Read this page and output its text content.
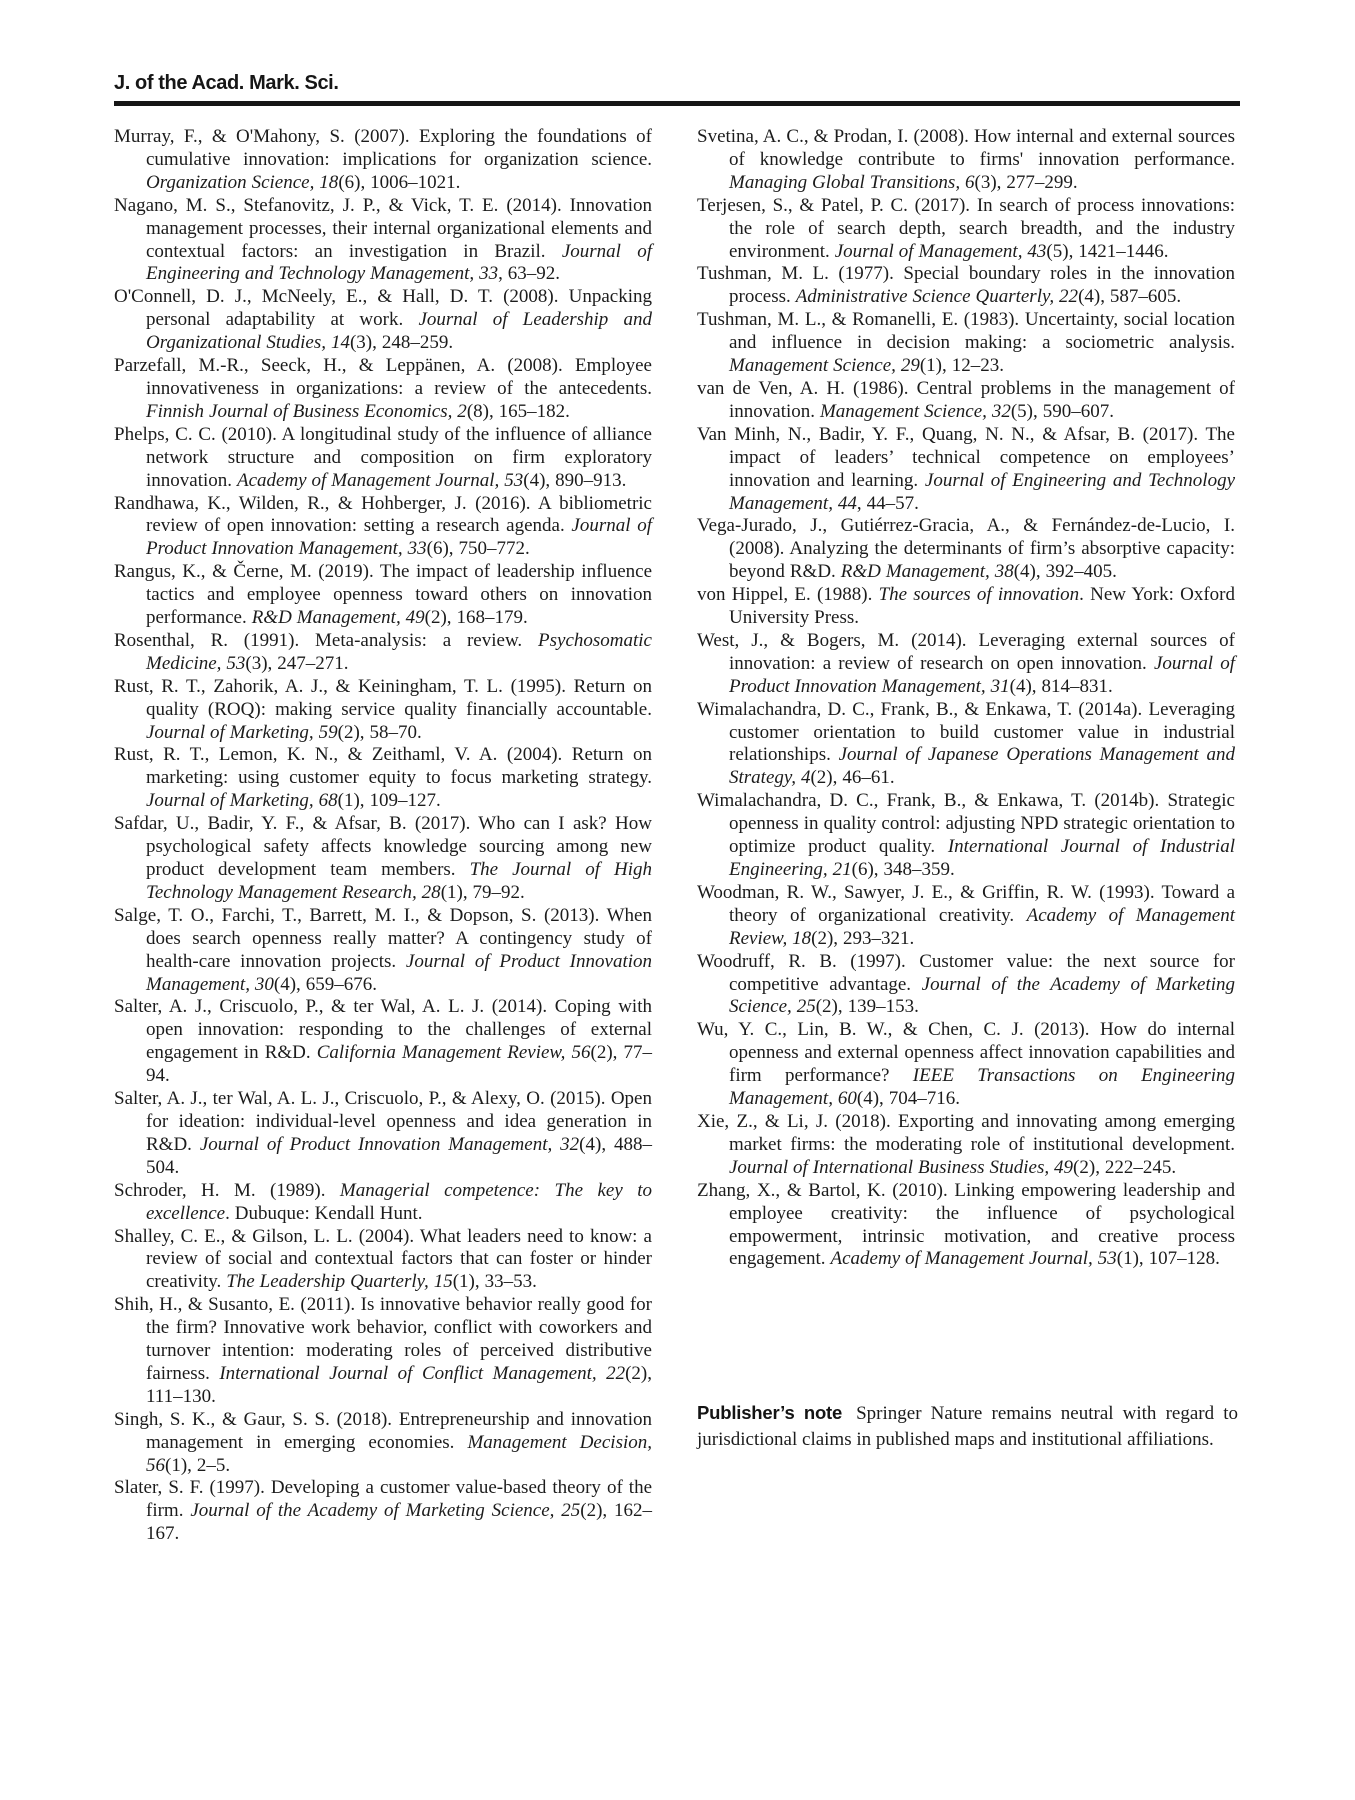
J. of the Acad. Mark. Sci.

Murray, F., & O'Mahony, S. (2007). Exploring the foundations of cumulative innovation: implications for organization science. Organization Science, 18(6), 1006–1021.

Nagano, M. S., Stefanovitz, J. P., & Vick, T. E. (2014). Innovation management processes, their internal organizational elements and contextual factors: an investigation in Brazil. Journal of Engineering and Technology Management, 33, 63–92.

O'Connell, D. J., McNeely, E., & Hall, D. T. (2008). Unpacking personal adaptability at work. Journal of Leadership and Organizational Studies, 14(3), 248–259.

Parzefall, M.-R., Seeck, H., & Leppänen, A. (2008). Employee innovativeness in organizations: a review of the antecedents. Finnish Journal of Business Economics, 2(8), 165–182.

Phelps, C. C. (2010). A longitudinal study of the influence of alliance network structure and composition on firm exploratory innovation. Academy of Management Journal, 53(4), 890–913.

Randhawa, K., Wilden, R., & Hohberger, J. (2016). A bibliometric review of open innovation: setting a research agenda. Journal of Product Innovation Management, 33(6), 750–772.

Rangus, K., & Černe, M. (2019). The impact of leadership influence tactics and employee openness toward others on innovation performance. R&D Management, 49(2), 168–179.

Rosenthal, R. (1991). Meta-analysis: a review. Psychosomatic Medicine, 53(3), 247–271.

Rust, R. T., Zahorik, A. J., & Keiningham, T. L. (1995). Return on quality (ROQ): making service quality financially accountable. Journal of Marketing, 59(2), 58–70.

Rust, R. T., Lemon, K. N., & Zeithaml, V. A. (2004). Return on marketing: using customer equity to focus marketing strategy. Journal of Marketing, 68(1), 109–127.

Safdar, U., Badir, Y. F., & Afsar, B. (2017). Who can I ask? How psychological safety affects knowledge sourcing among new product development team members. The Journal of High Technology Management Research, 28(1), 79–92.

Salge, T. O., Farchi, T., Barrett, M. I., & Dopson, S. (2013). When does search openness really matter? A contingency study of health-care innovation projects. Journal of Product Innovation Management, 30(4), 659–676.

Salter, A. J., Criscuolo, P., & ter Wal, A. L. J. (2014). Coping with open innovation: responding to the challenges of external engagement in R&D. California Management Review, 56(2), 77–94.

Salter, A. J., ter Wal, A. L. J., Criscuolo, P., & Alexy, O. (2015). Open for ideation: individual-level openness and idea generation in R&D. Journal of Product Innovation Management, 32(4), 488–504.

Schroder, H. M. (1989). Managerial competence: The key to excellence. Dubuque: Kendall Hunt.

Shalley, C. E., & Gilson, L. L. (2004). What leaders need to know: a review of social and contextual factors that can foster or hinder creativity. The Leadership Quarterly, 15(1), 33–53.

Shih, H., & Susanto, E. (2011). Is innovative behavior really good for the firm? Innovative work behavior, conflict with coworkers and turnover intention: moderating roles of perceived distributive fairness. International Journal of Conflict Management, 22(2), 111–130.

Singh, S. K., & Gaur, S. S. (2018). Entrepreneurship and innovation management in emerging economies. Management Decision, 56(1), 2–5.

Slater, S. F. (1997). Developing a customer value-based theory of the firm. Journal of the Academy of Marketing Science, 25(2), 162–167.

Svetina, A. C., & Prodan, I. (2008). How internal and external sources of knowledge contribute to firms' innovation performance. Managing Global Transitions, 6(3), 277–299.

Terjesen, S., & Patel, P. C. (2017). In search of process innovations: the role of search depth, search breadth, and the industry environment. Journal of Management, 43(5), 1421–1446.

Tushman, M. L. (1977). Special boundary roles in the innovation process. Administrative Science Quarterly, 22(4), 587–605.

Tushman, M. L., & Romanelli, E. (1983). Uncertainty, social location and influence in decision making: a sociometric analysis. Management Science, 29(1), 12–23.

van de Ven, A. H. (1986). Central problems in the management of innovation. Management Science, 32(5), 590–607.

Van Minh, N., Badir, Y. F., Quang, N. N., & Afsar, B. (2017). The impact of leaders’ technical competence on employees’ innovation and learning. Journal of Engineering and Technology Management, 44, 44–57.

Vega-Jurado, J., Gutiérrez-Gracia, A., & Fernández-de-Lucio, I. (2008). Analyzing the determinants of firm’s absorptive capacity: beyond R&D. R&D Management, 38(4), 392–405.

von Hippel, E. (1988). The sources of innovation. New York: Oxford University Press.

West, J., & Bogers, M. (2014). Leveraging external sources of innovation: a review of research on open innovation. Journal of Product Innovation Management, 31(4), 814–831.

Wimalachandra, D. C., Frank, B., & Enkawa, T. (2014a). Leveraging customer orientation to build customer value in industrial relationships. Journal of Japanese Operations Management and Strategy, 4(2), 46–61.

Wimalachandra, D. C., Frank, B., & Enkawa, T. (2014b). Strategic openness in quality control: adjusting NPD strategic orientation to optimize product quality. International Journal of Industrial Engineering, 21(6), 348–359.

Woodman, R. W., Sawyer, J. E., & Griffin, R. W. (1993). Toward a theory of organizational creativity. Academy of Management Review, 18(2), 293–321.

Woodruff, R. B. (1997). Customer value: the next source for competitive advantage. Journal of the Academy of Marketing Science, 25(2), 139–153.

Wu, Y. C., Lin, B. W., & Chen, C. J. (2013). How do internal openness and external openness affect innovation capabilities and firm performance? IEEE Transactions on Engineering Management, 60(4), 704–716.

Xie, Z., & Li, J. (2018). Exporting and innovating among emerging market firms: the moderating role of institutional development. Journal of International Business Studies, 49(2), 222–245.

Zhang, X., & Bartol, K. (2010). Linking empowering leadership and employee creativity: the influence of psychological empowerment, intrinsic motivation, and creative process engagement. Academy of Management Journal, 53(1), 107–128.

Publisher’s note Springer Nature remains neutral with regard to jurisdictional claims in published maps and institutional affiliations.
